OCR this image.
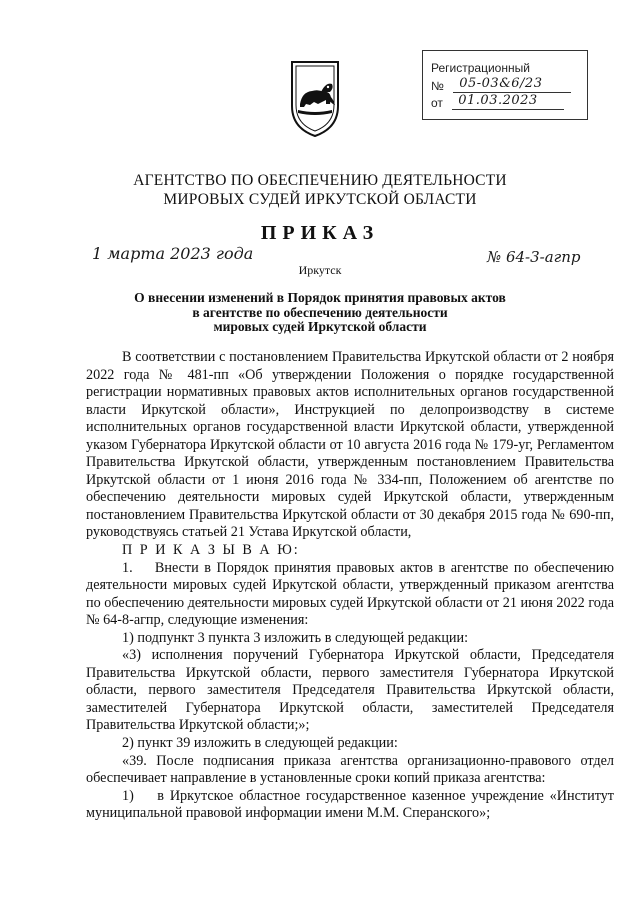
Регистрационный
№ 05-03&6/23
от 01.03.2023
АГЕНТСТВО ПО ОБЕСПЕЧЕНИЮ ДЕЯТЕЛЬНОСТИ
МИРОВЫХ СУДЕЙ ИРКУТСКОЙ ОБЛАСТИ
ПРИКАЗ
1 марта 2023 года	№ 64-3-агпр
Иркутск
О внесении изменений в Порядок принятия правовых актов
в агентстве по обеспечению деятельности
мировых судей Иркутской области

В соответствии с постановлением Правительства Иркутской области от 2 ноября 2022 года № 481-пп «Об утверждении Положения о порядке государственной регистрации нормативных правовых актов исполнительных органов государственной власти Иркутской области», Инструкцией по делопроизводству в системе исполнительных органов государственной власти Иркутской области, утвержденной указом Губернатора Иркутской области от 10 августа 2016 года № 179-уг, Регламентом Правительства Иркутской области, утвержденным постановлением Правительства Иркутской области от 1 июня 2016 года № 334-пп, Положением об агентстве по обеспечению деятельности мировых судей Иркутской области, утвержденным постановлением Правительства Иркутской области от 30 декабря 2015 года № 690-пп, руководствуясь статьей 21 Устава Иркутской области,

П Р И К А З Ы В А Ю:

1.    Внести в Порядок принятия правовых актов в агентстве по обеспечению деятельности мировых судей Иркутской области, утвержденный приказом агентства по обеспечению деятельности мировых судей Иркутской области от 21 июня 2022 года № 64-8-агпр, следующие изменения:

1) подпункт 3 пункта 3 изложить в следующей редакции:

«3) исполнения поручений Губернатора Иркутской области, Председателя Правительства Иркутской области, первого заместителя Губернатора Иркутской области, первого заместителя Председателя Правительства Иркутской области, заместителей Губернатора Иркутской области, заместителей Председателя Правительства Иркутской области;»;

2) пункт 39 изложить в следующей редакции:

«39. После подписания приказа агентства организационно-правового отдел обеспечивает направление в установленные сроки копий приказа агентства:

1)    в Иркутское областное государственное казенное учреждение «Институт муниципальной правовой информации имени М.М. Сперанского»;
